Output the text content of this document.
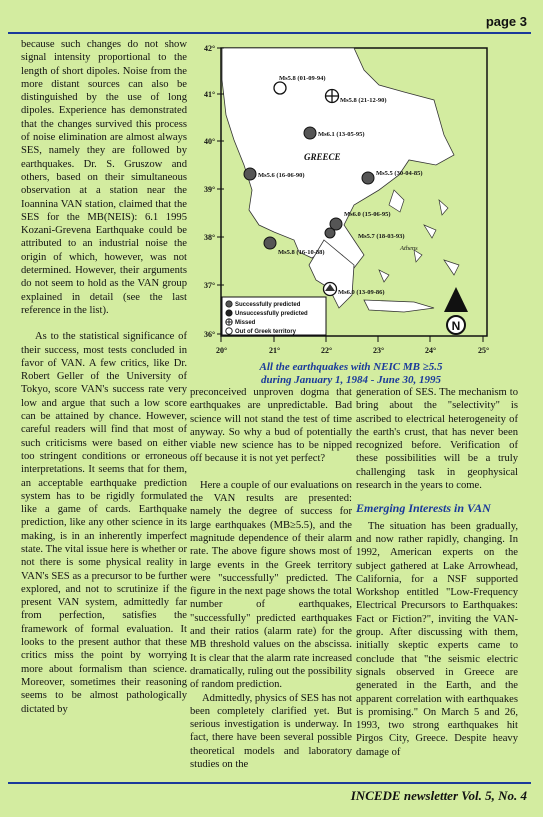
page 3

because such changes do not show signal intensity proportional to the length of short dipoles. Noise from the more distant sources can also be distinguished by the use of long dipoles. Experience has demonstrated that the changes survived this process of noise elimination are almost always SES, namely they are followed by earthquakes. Dr. S. Gruszow and others, based on their simultaneous observation at a station near the Ioannina VAN station, claimed that the SES for the MB(NEIS): 6.1 1995 Kozani-Grevena Earthquake could be attributed to an industrial noise the origin of which, however, was not determined. However, their arguments do not seem to hold as the VAN group explained in detail (see the last reference in the list).

As to the statistical significance of their success, most tests concluded in favor of VAN. A few critics, like Dr. Robert Geller of the University of Tokyo, score VAN's success rate very low and argue that such a low score can be attained by chance. However, careful readers will find that most of such criticisms were based on either too stringent conditions or erroneous interpretations. It seems that for them, an acceptable earthquake prediction system has to be rigidly formulated like a game of cards. Earthquake prediction, like any other science in its making, is in an inherently imperfect state. The vital issue here is whether or not there is some physical reality in VAN's SES as a precursor to be further explored, and not to scrutinize if the present VAN system, admittedly far from perfection, satisfies the framework of formal evaluation. It looks to the present author that these critics miss the point by worrying more about formalism than science. Moreover, sometimes their reasoning seems to be almost pathologically dictated by

42°
41°
40°
39°
38°
37°
36°
GREECE
Athens
Ms5.8 (01-09-94)
Ms5.8 (21-12-90)
Ms6.1 (13-05-95)
Ms5.5 (30-04-85)
Ms5.6 (16-06-90)
Ms6.0 (15-06-95)
Ms5.7 (18-03-93)
Ms5.8 (16-10-88)
Ms6.0 (13-09-86)
Successfully predicted
Unsuccessfully predicted
Missed
Out of Greek territory	N
20°	21°	22°	23°	24°	25°
All the earthquakes with NEIC MB ≥5.5
during January 1, 1984 - June 30, 1995

preconceived unproven dogma that earthquakes are unpredictable. Bad science will not stand the test of time anyway. So why a bud of potentially viable new science has to be nipped off because it is not yet perfect?

Here a couple of our evaluations on the VAN results are presented: namely the degree of success for large earthquakes (MB≥5.5), and the magnitude dependence of their alarm rate. The above figure shows most of large events in the Greek territory were "successfully" predicted. The figure in the next page shows the total number of earthquakes, "successfully" predicted earthquakes and their ratios (alarm rate) for the MB threshold values on the abscissa. It is clear that the alarm rate increased dramatically, ruling out the possibility of random prediction.

Admittedly, physics of SES has not been completely clarified yet. But serious investigation is underway. In fact, there have been several possible theoretical models and laboratory studies on the

generation of SES. The mechanism to bring about the "selectivity" is ascribed to electrical heterogeneity of the earth's crust, that has never been recognized before. Verification of these possibilities will be a truly challenging task in geophysical research in the years to come.

Emerging Interests in VAN

The situation has been gradually, and now rather rapidly, changing. In 1992, American experts on the subject gathered at Lake Arrowhead, California, for a NSF supported Workshop entitled "Low-Frequency Electrical Precursors to Earthquakes: Fact or Fiction?", inviting the VAN-group. After discussing with them, initially skeptic experts came to conclude that "the seismic electric signals observed in Greece are generated in the Earth, and the apparent correlation with earthquakes is promising." On March 5 and 26, 1993, two strong earthquakes hit Pirgos City, Greece. Despite heavy damage of

INCEDE newsletter Vol. 5, No. 4
